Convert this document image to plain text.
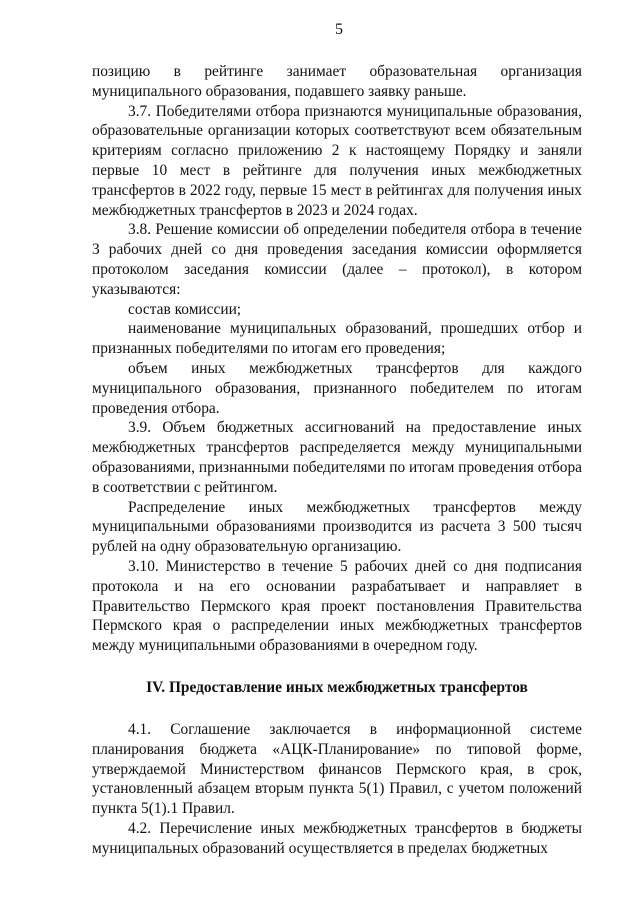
5

позицию в рейтинге занимает образовательная организация муниципального образования, подавшего заявку раньше.

3.7. Победителями отбора признаются муниципальные образования, образовательные организации которых соответствуют всем обязательным критериям согласно приложению 2 к настоящему Порядку и заняли первые 10 мест в рейтинге для получения иных межбюджетных трансфертов в 2022 году, первые 15 мест в рейтингах для получения иных межбюджетных трансфертов в 2023 и 2024 годах.

3.8. Решение комиссии об определении победителя отбора в течение 3 рабочих дней со дня проведения заседания комиссии оформляется протоколом заседания комиссии (далее – протокол), в котором указываются:

состав комиссии;

наименование муниципальных образований, прошедших отбор и признанных победителями по итогам его проведения;

объем иных межбюджетных трансфертов для каждого муниципального образования, признанного победителем по итогам проведения отбора.

3.9. Объем бюджетных ассигнований на предоставление иных межбюджетных трансфертов распределяется между муниципальными образованиями, признанными победителями по итогам проведения отбора в соответствии с рейтингом.

Распределение иных межбюджетных трансфертов между муниципальными образованиями производится из расчета 3 500 тысяч рублей на одну образовательную организацию.

3.10. Министерство в течение 5 рабочих дней со дня подписания протокола и на его основании разрабатывает и направляет в Правительство Пермского края проект постановления Правительства Пермского края о распределении иных межбюджетных трансфертов между муниципальными образованиями в очередном году.

IV. Предоставление иных межбюджетных трансфертов

4.1. Соглашение заключается в информационной системе планирования бюджета «АЦК-Планирование» по типовой форме, утверждаемой Министерством финансов Пермского края, в срок, установленный абзацем вторым пункта 5(1) Правил, с учетом положений пункта 5(1).1 Правил.

4.2. Перечисление иных межбюджетных трансфертов в бюджеты муниципальных образований осуществляется в пределах бюджетных
